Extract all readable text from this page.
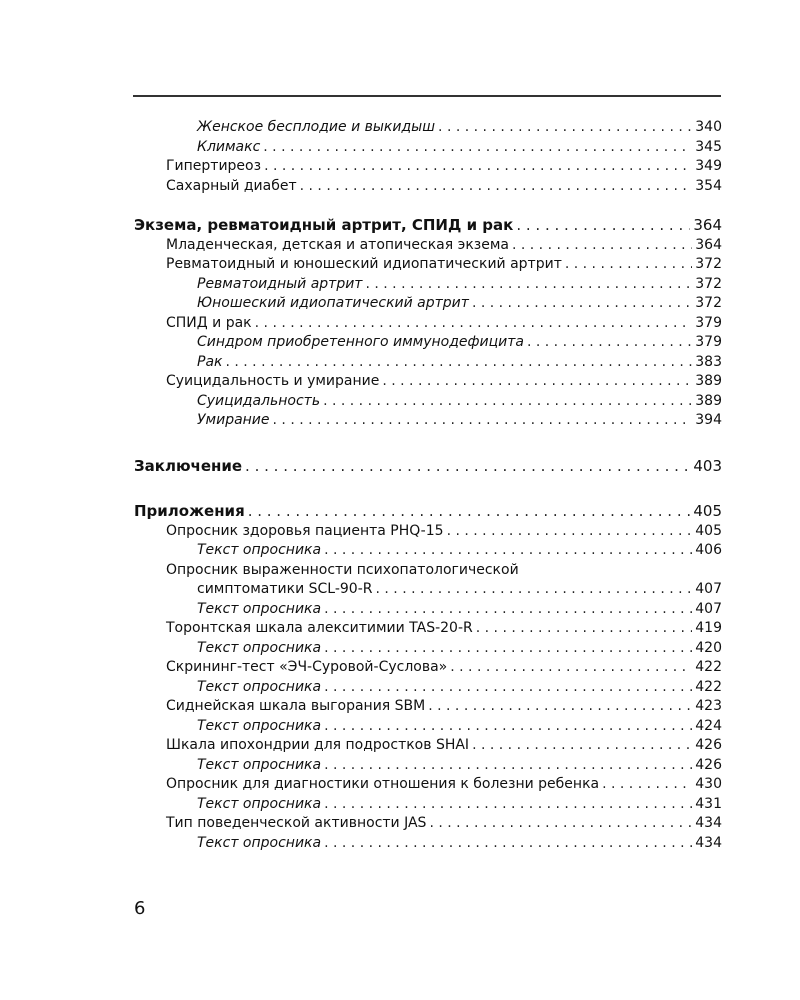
Женское бесплодие и выкидыш . . .	340
Климакс . . .	345
Гипертиреоз . . .	349
Сахарный диабет . . .	354
Экзема, ревматоидный артрит, СПИД и рак . . .	364
Младенческая, детская и атопическая экзема . . .	364
Ревматоидный и юношеский идиопатический артрит . . .	372
Ревматоидный артрит . . .	372
Юношеский идиопатический артрит . . .	372
СПИД и рак . . .	379
Синдром приобретенного иммунодефицита . . .	379
Рак . . .	383
Суицидальность и умирание . . .	389
Суицидальность . . .	389
Умирание . . .	394
Заключение . . .	403
Приложения . . .	405
Опросник здоровья пациента PHQ-15 . . .	405
Текст опросника . . .	406
Опросник выраженности психопатологической
симптоматики SCL-90-R . . .	407
Текст опросника . . .	407
Торонтская шкала алекситимии TAS-20-R . . .	419
Текст опросника . . .	420
Скрининг-тест «ЭЧ-Суровой-Суслова» . . .	422
Текст опросника . . .	422
Сиднейская шкала выгорания SBM . . .	423
Текст опросника . . .	424
Шкала ипохондрии для подростков SHAI . . .	426
Текст опросника . . .	426
Опросник для диагностики отношения к болезни ребенка . . .	430
Текст опросника . . .	431
Тип поведенческой активности JAS . . .	434
Текст опросника . . .	434
6
